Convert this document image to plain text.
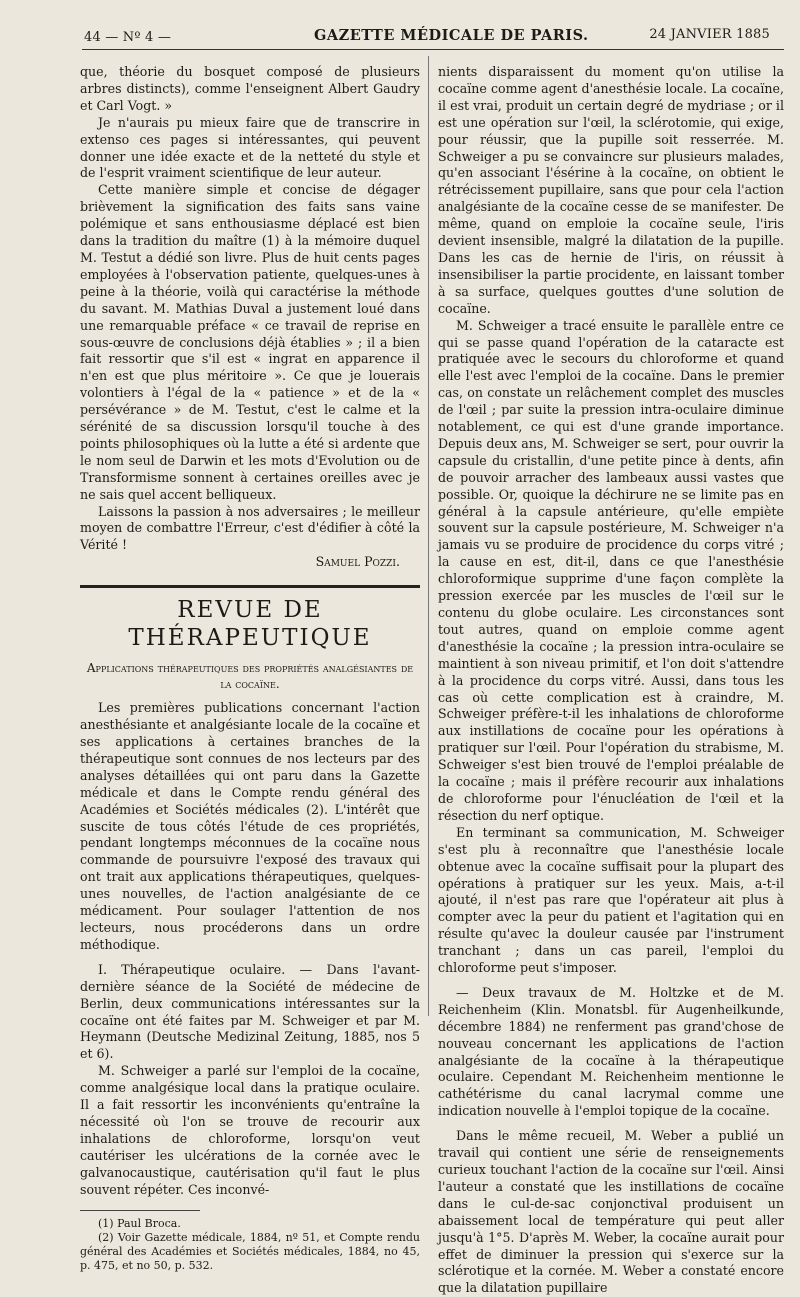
44 — Nº 4 —	GAZETTE MÉDICALE DE PARIS.	24 JANVIER 1885

que, théorie du bosquet composé de plusieurs arbres distincts), comme l'enseignent Albert Gaudry et Carl Vogt. »

Je n'aurais pu mieux faire que de transcrire in extenso ces pages si intéressantes, qui peuvent donner une idée exacte et de la netteté du style et de l'esprit vraiment scientifique de leur auteur.

Cette manière simple et concise de dégager brièvement la signification des faits sans vaine polémique et sans enthousiasme déplacé est bien dans la tradition du maître (1) à la mémoire duquel M. Testut a dédié son livre. Plus de huit cents pages employées à l'observation patiente, quelques-unes à peine à la théorie, voilà qui caractérise la méthode du savant. M. Mathias Duval a justement loué dans une remarquable préface « ce travail de reprise en sous-œuvre de conclusions déjà établies » ; il a bien fait ressortir que s'il est « ingrat en apparence il n'en est que plus méritoire ». Ce que je louerais volontiers à l'égal de la « patience » et de la « persévérance » de M. Testut, c'est le calme et la sérénité de sa discussion lorsqu'il touche à des points philosophiques où la lutte a été si ardente que le nom seul de Darwin et les mots d'Evolution ou de Transformisme sonnent à certaines oreilles avec je ne sais quel accent belliqueux.

Laissons la passion à nos adversaires ; le meilleur moyen de combattre l'Erreur, c'est d'édifier à côté la Vérité !

Samuel Pozzi.
REVUE DE THÉRAPEUTIQUE
Applications thérapeutiques des propriétés analgésiantes de la cocaïne.

Les premières publications concernant l'action anesthésiante et analgésiante locale de la cocaïne et ses applications à certaines branches de la thérapeutique sont connues de nos lecteurs par des analyses détaillées qui ont paru dans la Gazette médicale et dans le Compte rendu général des Académies et Sociétés médicales (2). L'intérêt que suscite de tous côtés l'étude de ces propriétés, pendant longtemps méconnues de la cocaïne nous commande de poursuivre l'exposé des travaux qui ont trait aux applications thérapeutiques, quelques-unes nouvelles, de l'action analgésiante de ce médicament. Pour soulager l'attention de nos lecteurs, nous procéderons dans un ordre méthodique.

I. Thérapeutique oculaire. — Dans l'avant-dernière séance de la Société de médecine de Berlin, deux communications intéressantes sur la cocaïne ont été faites par M. Schweiger et par M. Heymann (Deutsche Medizinal Zeitung, 1885, nos 5 et 6).

M. Schweiger a parlé sur l'emploi de la cocaïne, comme analgésique local dans la pratique oculaire. Il a fait ressortir les inconvénients qu'entraîne la nécessité où l'on se trouve de recourir aux inhalations de chloroforme, lorsqu'on veut cautériser les ulcérations de la cornée avec le galvanocaustique, cautérisation qu'il faut le plus souvent répéter. Ces inconvé-

(1) Paul Broca.

(2) Voir Gazette médicale, 1884, nº 51, et Compte rendu général des Académies et Sociétés médicales, 1884, no 45, p. 475, et no 50, p. 532.

nients disparaissent du moment qu'on utilise la cocaïne comme agent d'anesthésie locale. La cocaïne, il est vrai, produit un certain degré de mydriase ; or il est une opération sur l'œil, la sclérotomie, qui exige, pour réussir, que la pupille soit resserrée. M. Schweiger a pu se convaincre sur plusieurs malades, qu'en associant l'ésérine à la cocaïne, on obtient le rétrécissement pupillaire, sans que pour cela l'action analgésiante de la cocaïne cesse de se manifester. De même, quand on emploie la cocaïne seule, l'iris devient insensible, malgré la dilatation de la pupille. Dans les cas de hernie de l'iris, on réussit à insensibiliser la partie procidente, en laissant tomber à sa surface, quelques gouttes d'une solution de cocaïne.

M. Schweiger a tracé ensuite le parallèle entre ce qui se passe quand l'opération de la cataracte est pratiquée avec le secours du chloroforme et quand elle l'est avec l'emploi de la cocaïne. Dans le premier cas, on constate un relâchement complet des muscles de l'œil ; par suite la pression intra-oculaire diminue notablement, ce qui est d'une grande importance. Depuis deux ans, M. Schweiger se sert, pour ouvrir la capsule du cristallin, d'une petite pince à dents, afin de pouvoir arracher des lambeaux aussi vastes que possible. Or, quoique la déchirure ne se limite pas en général à la capsule antérieure, qu'elle empiète souvent sur la capsule postérieure, M. Schweiger n'a jamais vu se produire de procidence du corps vitré ; la cause en est, dit-il, dans ce que l'anesthésie chloroformique supprime d'une façon complète la pression exercée par les muscles de l'œil sur le contenu du globe oculaire. Les circonstances sont tout autres, quand on emploie comme agent d'anesthésie la cocaïne ; la pression intra-oculaire se maintient à son niveau primitif, et l'on doit s'attendre à la procidence du corps vitré. Aussi, dans tous les cas où cette complication est à craindre, M. Schweiger préfère-t-il les inhalations de chloroforme aux instillations de cocaïne pour les opérations à pratiquer sur l'œil. Pour l'opération du strabisme, M. Schweiger s'est bien trouvé de l'emploi préalable de la cocaïne ; mais il préfère recourir aux inhalations de chloroforme pour l'énucléation de l'œil et la résection du nerf optique.

En terminant sa communication, M. Schweiger s'est plu à reconnaître que l'anesthésie locale obtenue avec la cocaïne suffisait pour la plupart des opérations à pratiquer sur les yeux. Mais, a-t-il ajouté, il n'est pas rare que l'opérateur ait plus à compter avec la peur du patient et l'agitation qui en résulte qu'avec la douleur causée par l'instrument tranchant ; dans un cas pareil, l'emploi du chloroforme peut s'imposer.

— Deux travaux de M. Holtzke et de M. Reichenheim (Klin. Monatsbl. für Augenheilkunde, décembre 1884) ne renferment pas grand'chose de nouveau concernant les applications de l'action analgésiante de la cocaïne à la thérapeutique oculaire. Cependant M. Reichenheim mentionne le cathétérisme du canal lacrymal comme une indication nouvelle à l'emploi topique de la cocaïne.

Dans le même recueil, M. Weber a publié un travail qui contient une série de renseignements curieux touchant l'action de la cocaïne sur l'œil. Ainsi l'auteur a constaté que les instillations de cocaïne dans le cul-de-sac conjonctival produisent un abaissement local de température qui peut aller jusqu'à 1°5. D'après M. Weber, la cocaïne aurait pour effet de diminuer la pression qui s'exerce sur la sclérotique et la cornée. M. Weber a constaté encore que la dilatation pupillaire
